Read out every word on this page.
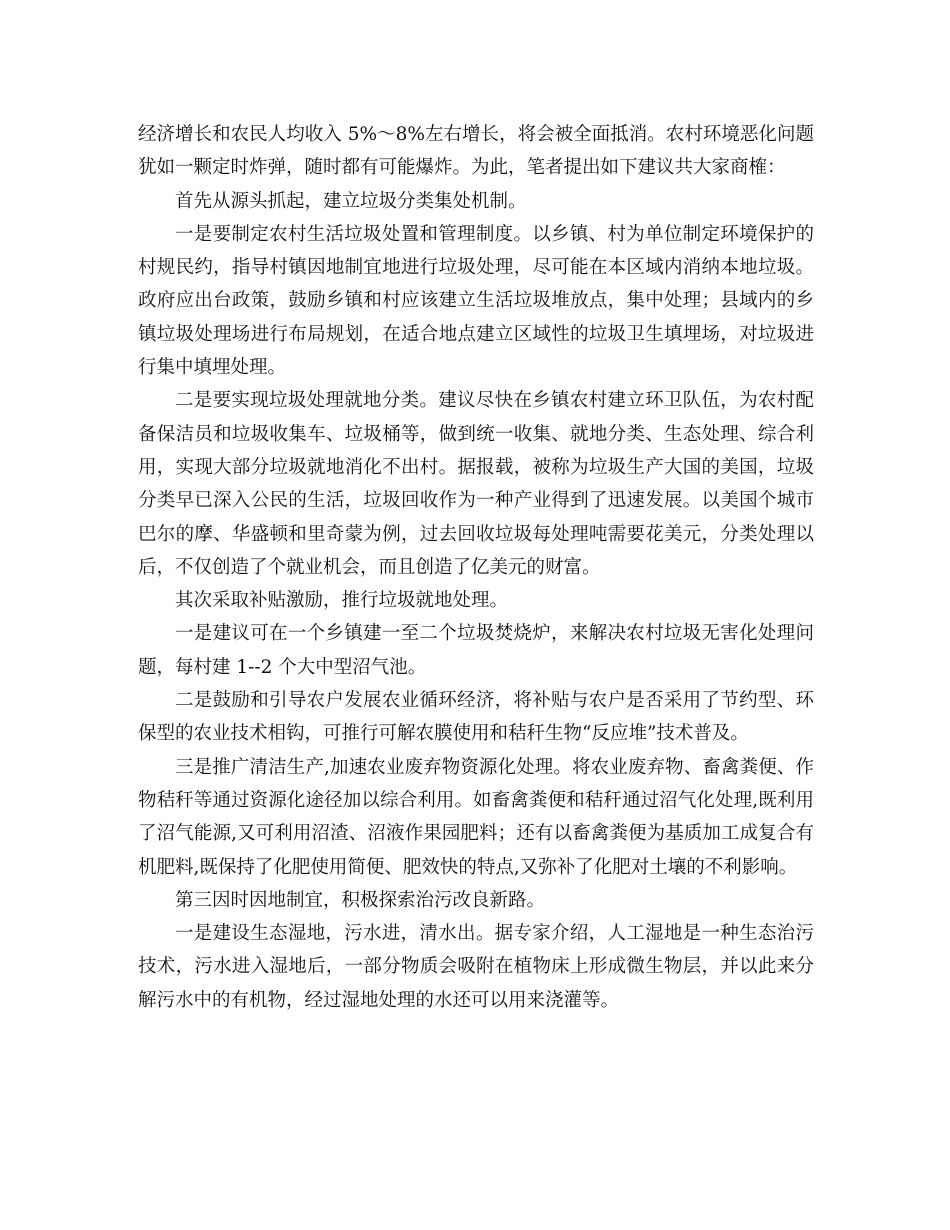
经济增长和农民人均收入 5%～8%左右增长，将会被全面抵消。农村环境恶化问题犹如一颗定时炸弹，随时都有可能爆炸。为此，笔者提出如下建议共大家商榷：

首先从源头抓起，建立垃圾分类集处机制。

一是要制定农村生活垃圾处置和管理制度。以乡镇、村为单位制定环境保护的村规民约，指导村镇因地制宜地进行垃圾处理，尽可能在本区域内消纳本地垃圾。政府应出台政策，鼓励乡镇和村应该建立生活垃圾堆放点，集中处理；县域内的乡镇垃圾处理场进行布局规划，在适合地点建立区域性的垃圾卫生填埋场，对垃圾进行集中填埋处理。

二是要实现垃圾处理就地分类。建议尽快在乡镇农村建立环卫队伍，为农村配备保洁员和垃圾收集车、垃圾桶等，做到统一收集、就地分类、生态处理、综合利用，实现大部分垃圾就地消化不出村。据报载，被称为垃圾生产大国的美国，垃圾分类早已深入公民的生活，垃圾回收作为一种产业得到了迅速发展。以美国个城市巴尔的摩、华盛顿和里奇蒙为例，过去回收垃圾每处理吨需要花美元，分类处理以后，不仅创造了个就业机会，而且创造了亿美元的财富。

其次采取补贴激励，推行垃圾就地处理。

一是建议可在一个乡镇建一至二个垃圾焚烧炉，来解决农村垃圾无害化处理问题，每村建 1--2 个大中型沼气池。

二是鼓励和引导农户发展农业循环经济，将补贴与农户是否采用了节约型、环保型的农业技术相钩，可推行可解农膜使用和秸秆生物“反应堆”技术普及。

三是推广清洁生产,加速农业废弃物资源化处理。将农业废弃物、畜禽粪便、作物秸秆等通过资源化途径加以综合利用。如畜禽粪便和秸秆通过沼气化处理,既利用了沼气能源,又可利用沼渣、沼液作果园肥料；还有以畜禽粪便为基质加工成复合有机肥料,既保持了化肥使用简便、肥效快的特点,又弥补了化肥对土壤的不利影响。

第三因时因地制宜，积极探索治污改良新路。

一是建设生态湿地，污水进，清水出。据专家介绍，人工湿地是一种生态治污技术，污水进入湿地后，一部分物质会吸附在植物床上形成微生物层，并以此来分解污水中的有机物，经过湿地处理的水还可以用来浇灌等。
